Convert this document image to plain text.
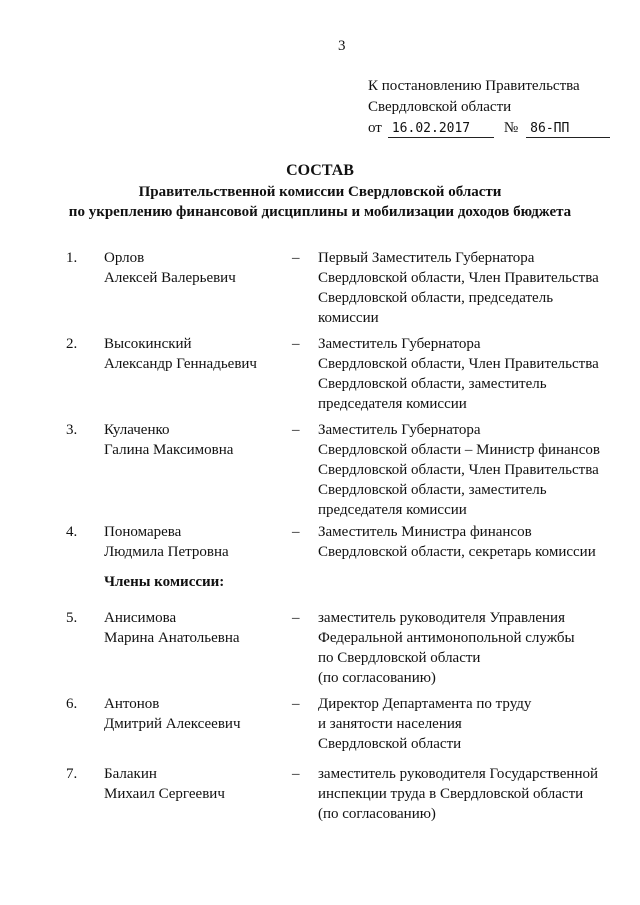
3
К постановлению Правительства
Свердловской области
от 16.02.2017	№ 86-ПП
СОСТАВ
Правительственной комиссии Свердловской области
по укреплению финансовой дисциплины и мобилизации доходов бюджета
1. Орлов
Алексей Валерьевич
– Первый Заместитель Губернатора
Свердловской области, Член Правительства
Свердловской области, председатель
комиссии
2. Высокинский
Александр Геннадьевич
– Заместитель Губернатора
Свердловской области, Член Правительства
Свердловской области, заместитель
председателя комиссии
3. Кулаченко
Галина Максимовна
– Заместитель Губернатора
Свердловской области – Министр финансов
Свердловской области, Член Правительства
Свердловской области, заместитель
председателя комиссии
4. Пономарева
Людмила Петровна
– Заместитель Министра финансов
Свердловской области, секретарь комиссии
Члены комиссии:
5. Анисимова
Марина Анатольевна
– заместитель руководителя Управления
Федеральной антимонопольной службы
по Свердловской области
(по согласованию)
6. Антонов
Дмитрий Алексеевич
– Директор Департамента по труду
и занятости населения
Свердловской области
7. Балакин
Михаил Сергеевич
– заместитель руководителя Государственной
инспекции труда в Свердловской области
(по согласованию)
